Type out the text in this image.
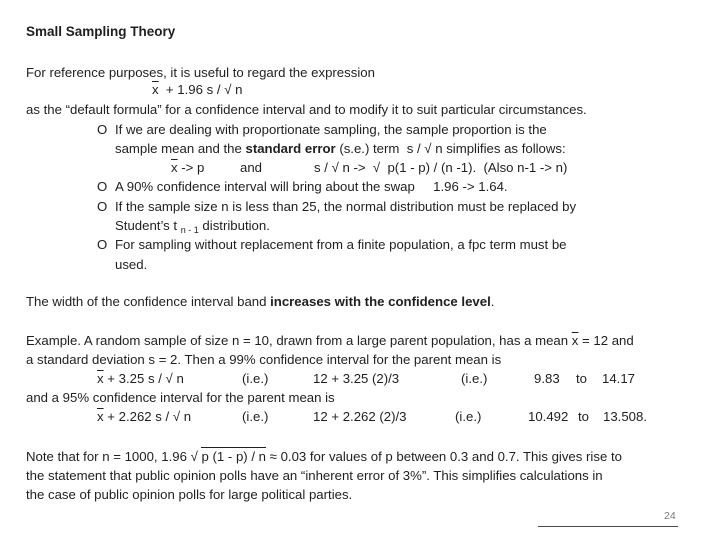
Small Sampling Theory
For reference purposes, it is useful to regard the expression
$\overline{x} + 1.96$ s / √ n
as the “default formula” for a confidence interval and to modify it to suit particular circumstances.
O If we are dealing with proportionate sampling, the sample proportion is the
sample mean and the standard error (s.e.) term  s / √ n simplifies as follows:
$\overline{x} -> p$	and	s / √ n ->  √  p(1 - p) / (n -1).  (Also n-1 -> n)
O A 90% confidence interval will bring about the swap     1.96 -> 1.64.
O If the sample size n is less than 25, the normal distribution must be replaced by
Student’s t $_{n - 1}$ distribution.
O For sampling without replacement from a finite population, a fpc term must be
used.
The width of the confidence interval band increases with the confidence level.
Example. A random sample of size n = 10, drawn from a large parent population, has a mean $\overline{x} = 12$ and
a standard deviation s = 2. Then a 99% confidence interval for the parent mean is
$\overline{x} + 3.25$ s / √ n	(i.e.)	12 + 3.25 (2)/3	(i.e.)	9.83 to 14.17
and a 95% confidence interval for the parent mean is
$\overline{x} + 2.262$ s / √ n	(i.e.)	12 + 2.262 (2)/3	(i.e.)	10.492 to 13.508.
Note that for n = 1000, 1.96
√ p (1 - p) / n ≈ 0.03 for values of p between 0.3 and 0.7. This gives rise to
the statement that public opinion polls have an “inherent error of 3%”. This simplifies calculations in
the case of public opinion polls for large political parties.
24
